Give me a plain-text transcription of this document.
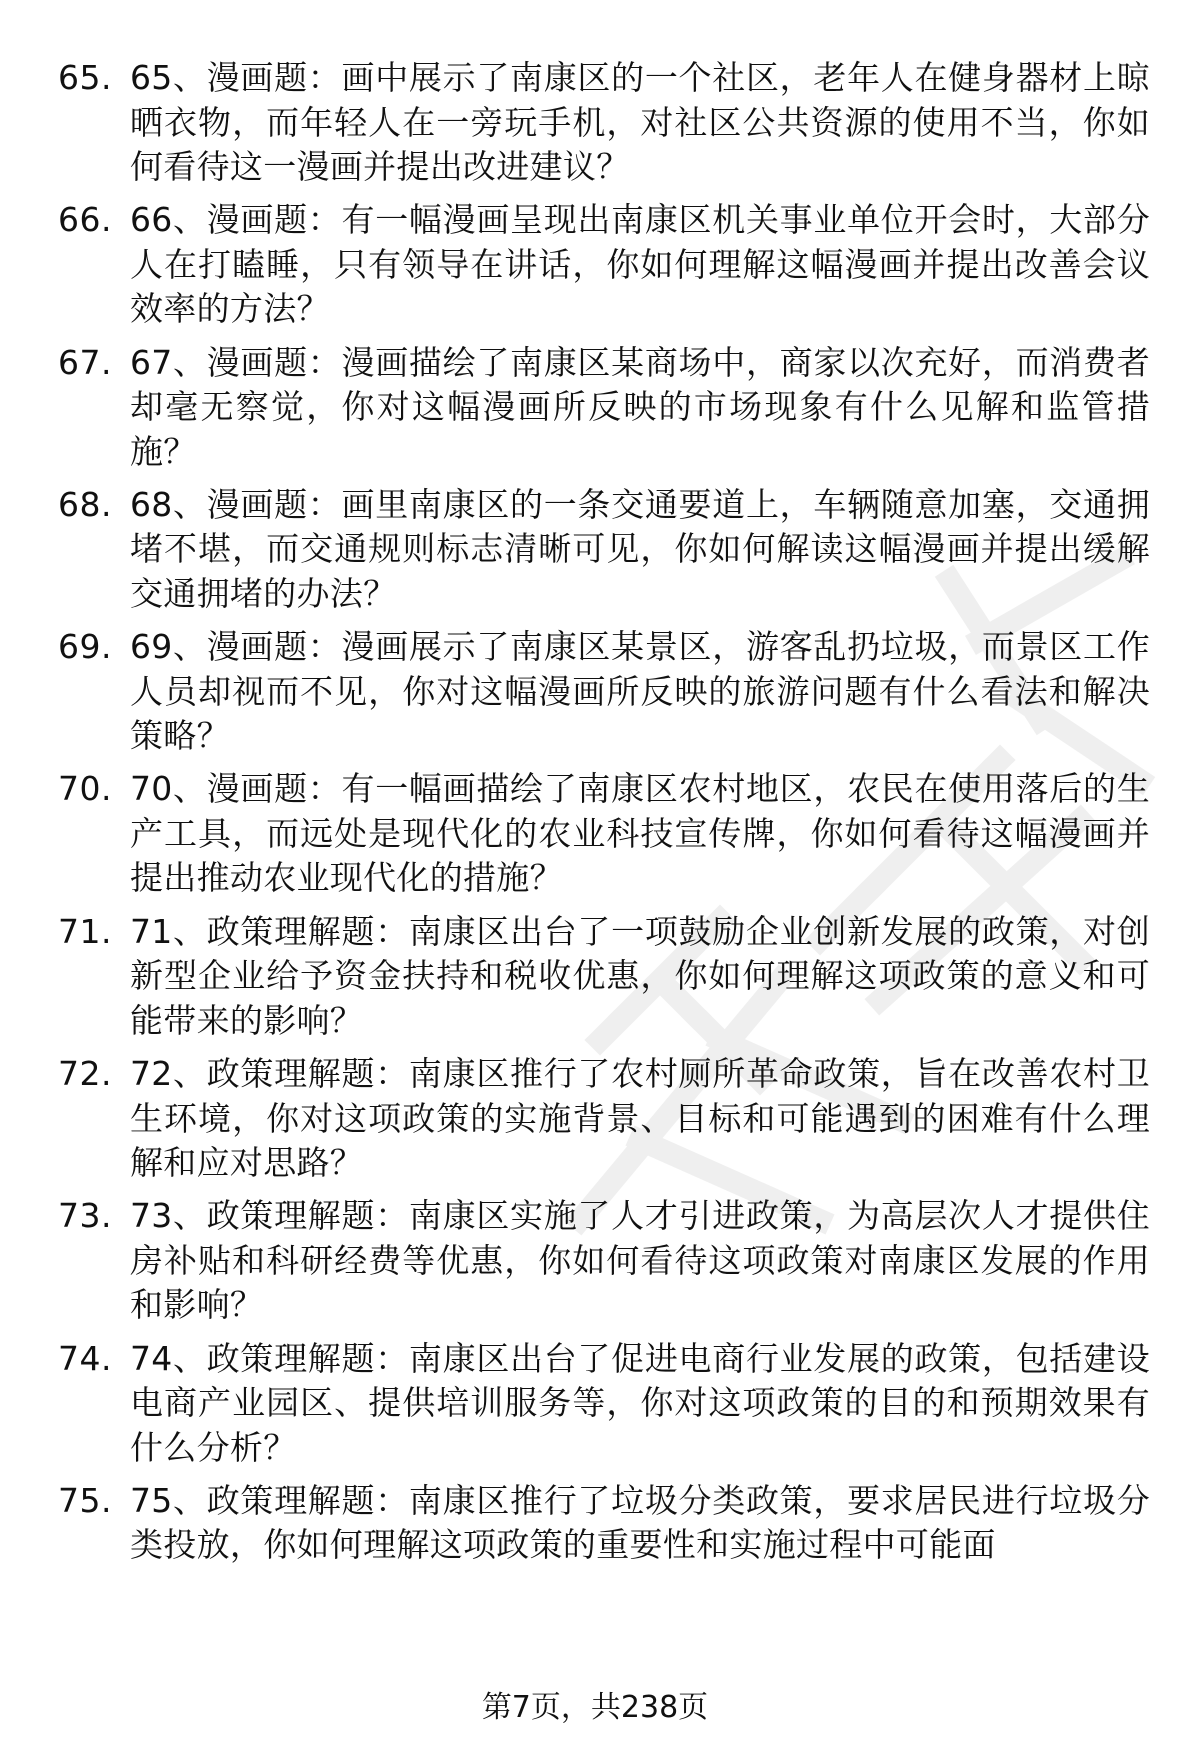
65. 65、漫画题：画中展示了南康区的一个社区，老年人在健身器材上晾晒衣物，而年轻人在一旁玩手机，对社区公共资源的使用不当，你如何看待这一漫画并提出改进建议？
66. 66、漫画题：有一幅漫画呈现出南康区机关事业单位开会时，大部分人在打瞌睡，只有领导在讲话，你如何理解这幅漫画并提出改善会议效率的方法？
67. 67、漫画题：漫画描绘了南康区某商场中，商家以次充好，而消费者却毫无察觉，你对这幅漫画所反映的市场现象有什么见解和监管措施？
68. 68、漫画题：画里南康区的一条交通要道上，车辆随意加塞，交通拥堵不堪，而交通规则标志清晰可见，你如何解读这幅漫画并提出缓解交通拥堵的办法？
69. 69、漫画题：漫画展示了南康区某景区，游客乱扔垃圾，而景区工作人员却视而不见，你对这幅漫画所反映的旅游问题有什么看法和解决策略？
70. 70、漫画题：有一幅画描绘了南康区农村地区，农民在使用落后的生产工具，而远处是现代化的农业科技宣传牌，你如何看待这幅漫画并提出推动农业现代化的措施？
71. 71、政策理解题：南康区出台了一项鼓励企业创新发展的政策，对创新型企业给予资金扶持和税收优惠，你如何理解这项政策的意义和可能带来的影响？
72. 72、政策理解题：南康区推行了农村厕所革命政策，旨在改善农村卫生环境，你对这项政策的实施背景、目标和可能遇到的困难有什么理解和应对思路？
73. 73、政策理解题：南康区实施了人才引进政策，为高层次人才提供住房补贴和科研经费等优惠，你如何看待这项政策对南康区发展的作用和影响？
74. 74、政策理解题：南康区出台了促进电商行业发展的政策，包括建设电商产业园区、提供培训服务等，你对这项政策的目的和预期效果有什么分析？
75. 75、政策理解题：南康区推行了垃圾分类政策，要求居民进行垃圾分类投放，你如何理解这项政策的重要性和实施过程中可能面
第7页，共238页
